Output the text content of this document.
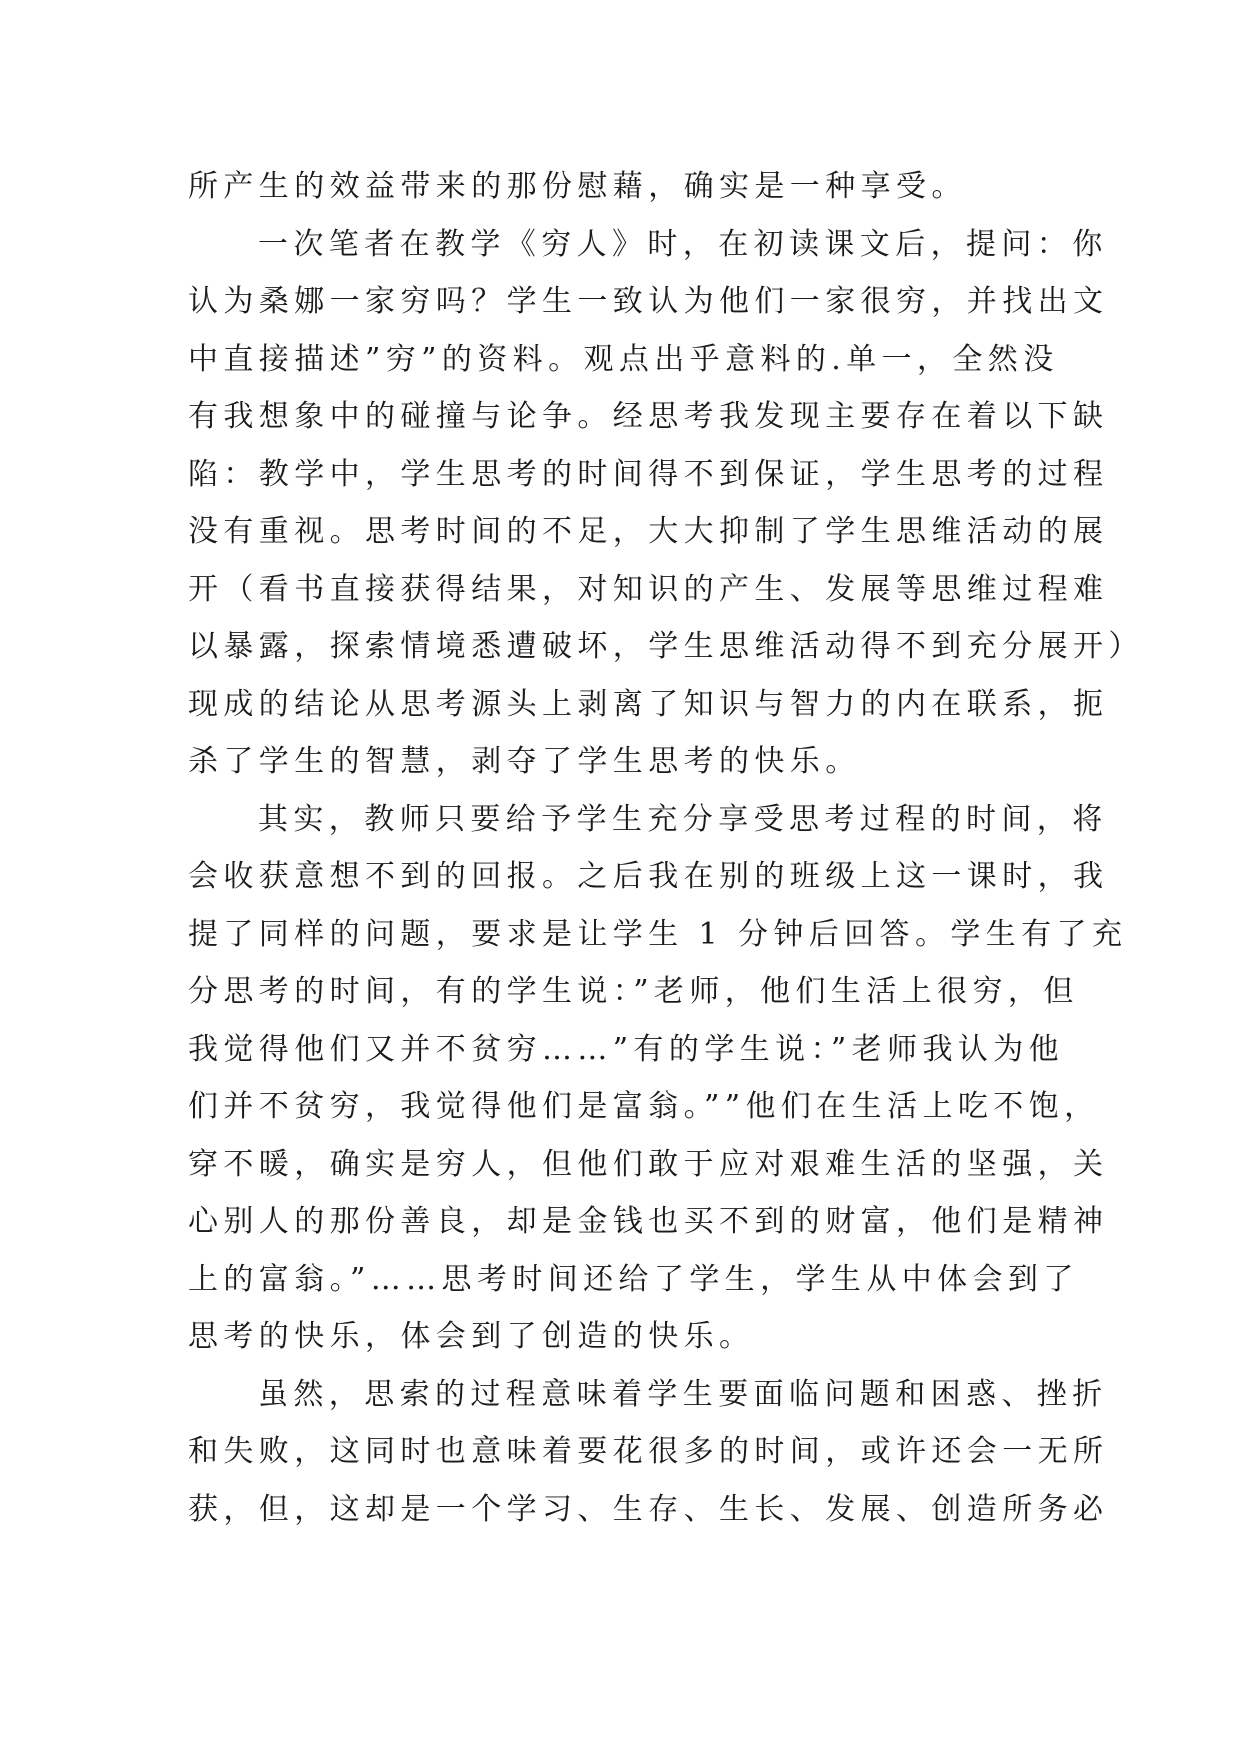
所产生的效益带来的那份慰藉，确实是一种享受。
一次笔者在教学《穷人》时，在初读课文后，提问：你
认为桑娜一家穷吗？学生一致认为他们一家很穷，并找出文
中直接描述”穷”的资料。观点出乎意料的.单一，全然没
有我想象中的碰撞与论争。经思考我发现主要存在着以下缺
陷：教学中，学生思考的时间得不到保证，学生思考的过程
没有重视。思考时间的不足，大大抑制了学生思维活动的展
开（看书直接获得结果，对知识的产生、发展等思维过程难
以暴露，探索情境悉遭破坏，学生思维活动得不到充分展开）
现成的结论从思考源头上剥离了知识与智力的内在联系，扼
杀了学生的智慧，剥夺了学生思考的快乐。
其实，教师只要给予学生充分享受思考过程的时间，将
会收获意想不到的回报。之后我在别的班级上这一课时，我
提了同样的问题，要求是让学生 1 分钟后回答。学生有了充
分思考的时间，有的学生说：”老师，他们生活上很穷，但
我觉得他们又并不贫穷……”有的学生说：”老师我认为他
们并不贫穷，我觉得他们是富翁。””他们在生活上吃不饱，
穿不暖，确实是穷人，但他们敢于应对艰难生活的坚强，关
心别人的那份善良，却是金钱也买不到的财富，他们是精神
上的富翁。”……思考时间还给了学生，学生从中体会到了
思考的快乐，体会到了创造的快乐。
虽然，思索的过程意味着学生要面临问题和困惑、挫折
和失败，这同时也意味着要花很多的时间，或许还会一无所
获，但，这却是一个学习、生存、生长、发展、创造所务必
